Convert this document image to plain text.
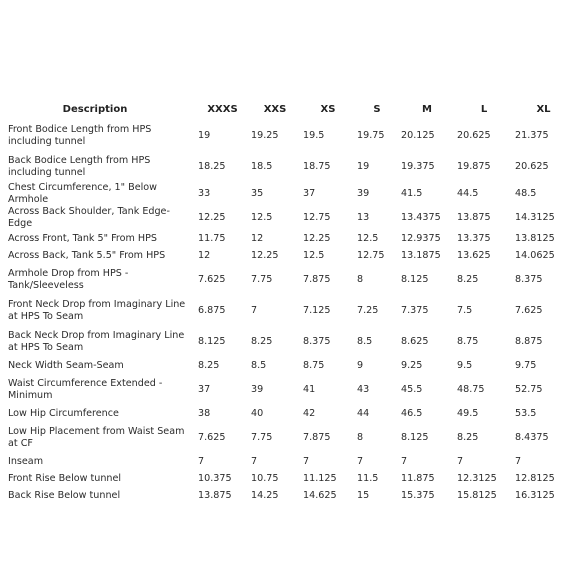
Description	XXXS	XXS	XS	S	M	L	XL
Front Bodice Length from HPS including tunnel	19	19.25	19.5	19.75	20.125	20.625	21.375
Back Bodice Length from HPS including tunnel	18.25	18.5	18.75	19	19.375	19.875	20.625
Chest Circumference, 1" Below Armhole	33	35	37	39	41.5	44.5	48.5
Across Back Shoulder, Tank Edge-Edge	12.25	12.5	12.75	13	13.4375	13.875	14.3125
Across Front, Tank 5" From HPS	11.75	12	12.25	12.5	12.9375	13.375	13.8125
Across Back, Tank 5.5" From HPS	12	12.25	12.5	12.75	13.1875	13.625	14.0625
Armhole Drop from HPS - Tank/Sleeveless	7.625	7.75	7.875	8	8.125	8.25	8.375
Front Neck Drop from Imaginary Line at HPS To Seam	6.875	7	7.125	7.25	7.375	7.5	7.625
Back Neck Drop from Imaginary Line at HPS To Seam	8.125	8.25	8.375	8.5	8.625	8.75	8.875
Neck Width Seam-Seam	8.25	8.5	8.75	9	9.25	9.5	9.75
Waist Circumference Extended - Minimum	37	39	41	43	45.5	48.75	52.75
Low Hip Circumference	38	40	42	44	46.5	49.5	53.5
Low Hip Placement from Waist Seam at CF	7.625	7.75	7.875	8	8.125	8.25	8.4375
Inseam	7	7	7	7	7	7	7
Front Rise Below tunnel	10.375	10.75	11.125	11.5	11.875	12.3125	12.8125
Back Rise Below tunnel	13.875	14.25	14.625	15	15.375	15.8125	16.3125
